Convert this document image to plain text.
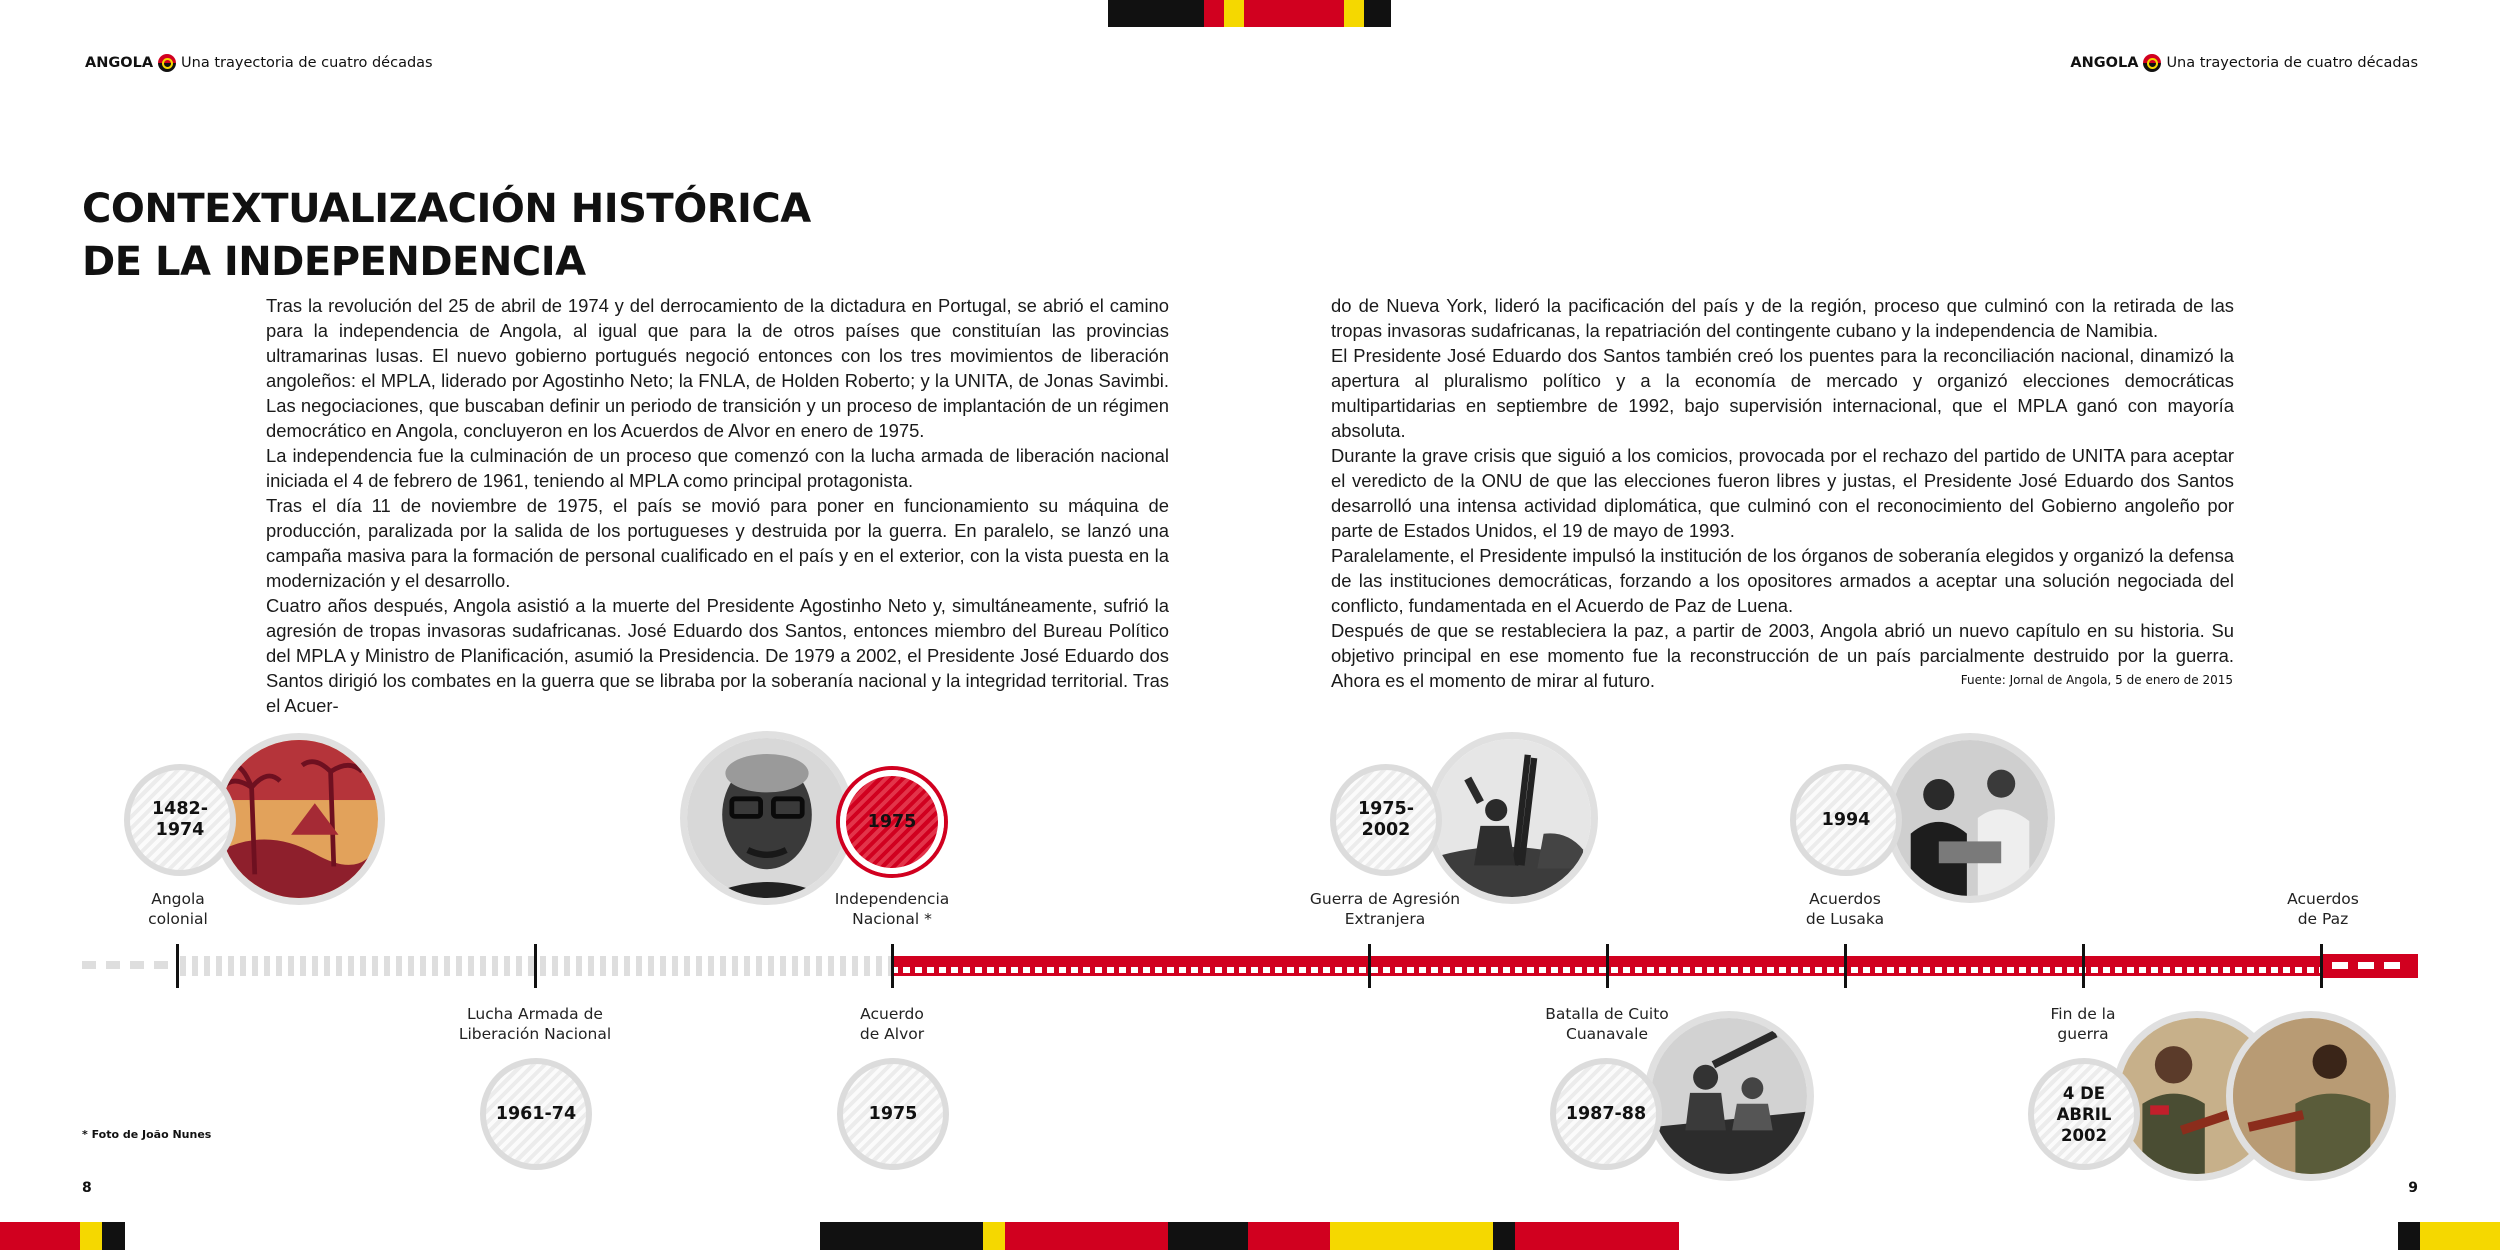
ANGOLA Una trayectoria de cuatro décadas	ANGOLA Una trayectoria de cuatro décadas
CONTEXTUALIZACIÓN HISTÓRICA
DE LA INDEPENDENCIA

Tras la revolución del 25 de abril de 1974 y del derrocamiento de la dictadura en Portugal, se abrió el camino para la independencia de Angola, al igual que para la de otros países que constituían las provincias ultramarinas lusas. El nuevo gobierno portugués negoció entonces con los tres movimientos de liberación angoleños: el MPLA, liderado por Agostinho Neto; la FNLA, de Holden Roberto; y la UNITA, de Jonas Savimbi. Las negociaciones, que buscaban definir un periodo de transición y un proceso de implantación de un régimen democrático en Angola, concluyeron en los Acuerdos de Alvor en enero de 1975.

La independencia fue la culminación de un proceso que comenzó con la lucha armada de liberación nacional iniciada el 4 de febrero de 1961, teniendo al MPLA como principal protagonista.

Tras el día 11 de noviembre de 1975, el país se movió para poner en funcionamiento su máquina de producción, paralizada por la salida de los portugueses y destruida por la guerra. En paralelo, se lanzó una campaña masiva para la formación de personal cualificado en el país y en el exterior, con la vista puesta en la modernización y el desarrollo.

Cuatro años después, Angola asistió a la muerte del Presidente Agostinho Neto y, simultáneamente, sufrió la agresión de tropas invasoras sudafricanas. José Eduardo dos Santos, entonces miembro del Bureau Político del MPLA y Ministro de Planificación, asumió la Presidencia. De 1979 a 2002, el Presidente José Eduardo dos Santos dirigió los combates en la guerra que se libraba por la soberanía nacional y la integridad territorial. Tras el Acuer-

do de Nueva York, lideró la pacificación del país y de la región, proceso que culminó con la retirada de las tropas invasoras sudafricanas, la repatriación del contingente cubano y la independencia de Namibia.

El Presidente José Eduardo dos Santos también creó los puentes para la reconciliación nacional, dinamizó la apertura al pluralismo político y a la economía de mercado y organizó elecciones democráticas multipartidarias en septiembre de 1992, bajo supervisión internacional, que el MPLA ganó con mayoría absoluta.

Durante la grave crisis que siguió a los comicios, provocada por el rechazo del partido de UNITA para aceptar el veredicto de la ONU de que las elecciones fueron libres y justas, el Presidente José Eduardo dos Santos desarrolló una intensa actividad diplomática, que culminó con el reconocimiento del Gobierno angoleño por parte de Estados Unidos, el 19 de mayo de 1993.

Paralelamente, el Presidente impulsó la institución de los órganos de soberanía elegidos y organizó la defensa de las instituciones democráticas, forzando a los opositores armados a aceptar una solución negociada del conflicto, fundamentada en el Acuerdo de Paz de Luena.

Después de que se restableciera la paz, a partir de 2003, Angola abrió un nuevo capítulo en su historia. Su objetivo principal en ese momento fue la reconstrucción de un país parcialmente destruido por la guerra. Ahora es el momento de mirar al futuro.	Fuente: Jornal de Angola, 5 de enero de 2015
Angola
colonial
Independencia
Nacional *
Guerra de Agresión
Extranjera
Acuerdos
de Lusaka
Acuerdos
de Paz
Lucha Armada de
Liberación Nacional
Acuerdo
de Alvor
Batalla de Cuito
Cuanavale
Fin de la
guerra
1482-1974	1975
1975-2002
1994
1961-74	1975	1987-88
4 DE ABRIL 2002
* Foto de João Nunes
8	9
